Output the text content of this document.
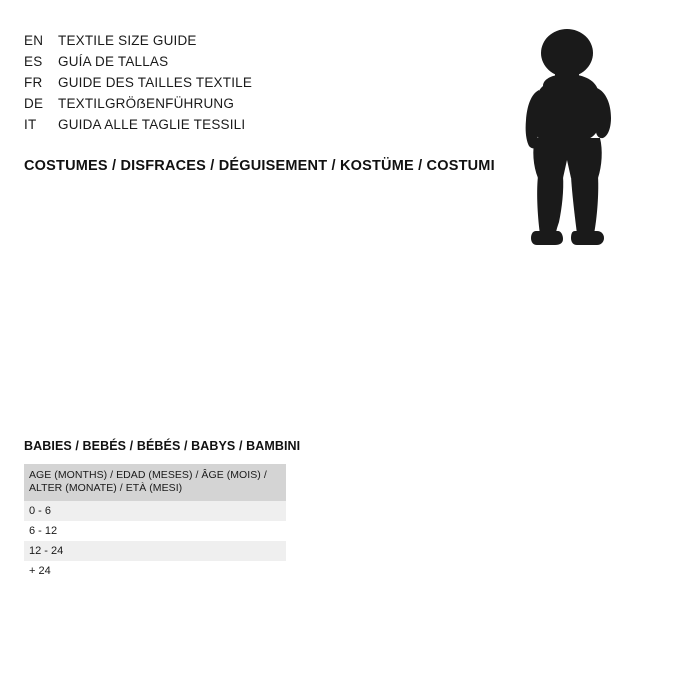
EN	TEXTILE SIZE GUIDE
ES	GUÍA DE TALLAS
FR	GUIDE DES TAILLES TEXTILE
DE	TEXTILGRÖẞENFÜHRUNG
IT	GUIDA ALLE TAGLIE TESSILI
COSTUMES / DISFRACES / DÉGUISEMENT / KOSTÜME / COSTUMI
BABIES / BEBÉS / BÉBÉS / BABYS / BAMBINI
AGE (MONTHS) / EDAD (MESES) / ÂGE (MOIS) / ALTER (MONATE) / ETÀ (MESI)
0 - 6
6 - 12
12 - 24
+ 24
